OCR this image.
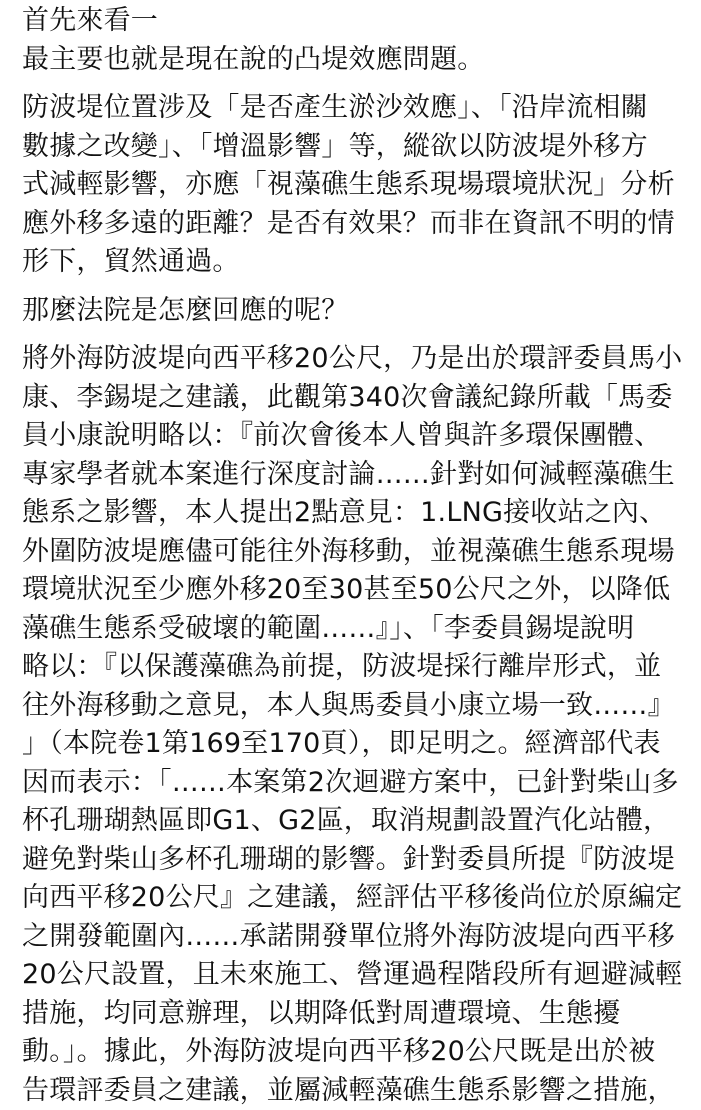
首先來看一
最主要也就是現在說的凸堤效應問題。
防波堤位置涉及「是否產生淤沙效應」、「沿岸流相關
數據之改變」、「增溫影響」等，縱欲以防波堤外移方
式減輕影響，亦應「視藻礁生態系現場環境狀況」分析
應外移多遠的距離？是否有效果？而非在資訊不明的情
形下，貿然通過。
那麼法院是怎麼回應的呢？
將外海防波堤向西平移20公尺，乃是出於環評委員馬小
康、李錫堤之建議，此觀第340次會議紀錄所載「馬委
員小康說明略以：『前次會後本人曾與許多環保團體、
專家學者就本案進行深度討論……針對如何減輕藻礁生
態系之影響，本人提出2點意見：1.LNG接收站之內、
外圍防波堤應儘可能往外海移動，並視藻礁生態系現場
環境狀況至少應外移20至30甚至50公尺之外，以降低
藻礁生態系受破壞的範圍……』」、「李委員錫堤說明
略以：『以保護藻礁為前提，防波堤採行離岸形式，並
往外海移動之意見，本人與馬委員小康立場一致……』
」（本院卷1第169至170頁），即足明之。經濟部代表
因而表示：「……本案第2次迴避方案中，已針對柴山多
杯孔珊瑚熱區即G1、G2區，取消規劃設置汽化站體，
避免對柴山多杯孔珊瑚的影響。針對委員所提『防波堤
向西平移20公尺』之建議，經評估平移後尚位於原編定
之開發範圍內……承諾開發單位將外海防波堤向西平移
20公尺設置，且未來施工、營運過程階段所有迴避減輕
措施，均同意辦理，以期降低對周遭環境、生態擾
動。」。據此，外海防波堤向西平移20公尺既是出於被
告環評委員之建議，並屬減輕藻礁生態系影響之措施，
